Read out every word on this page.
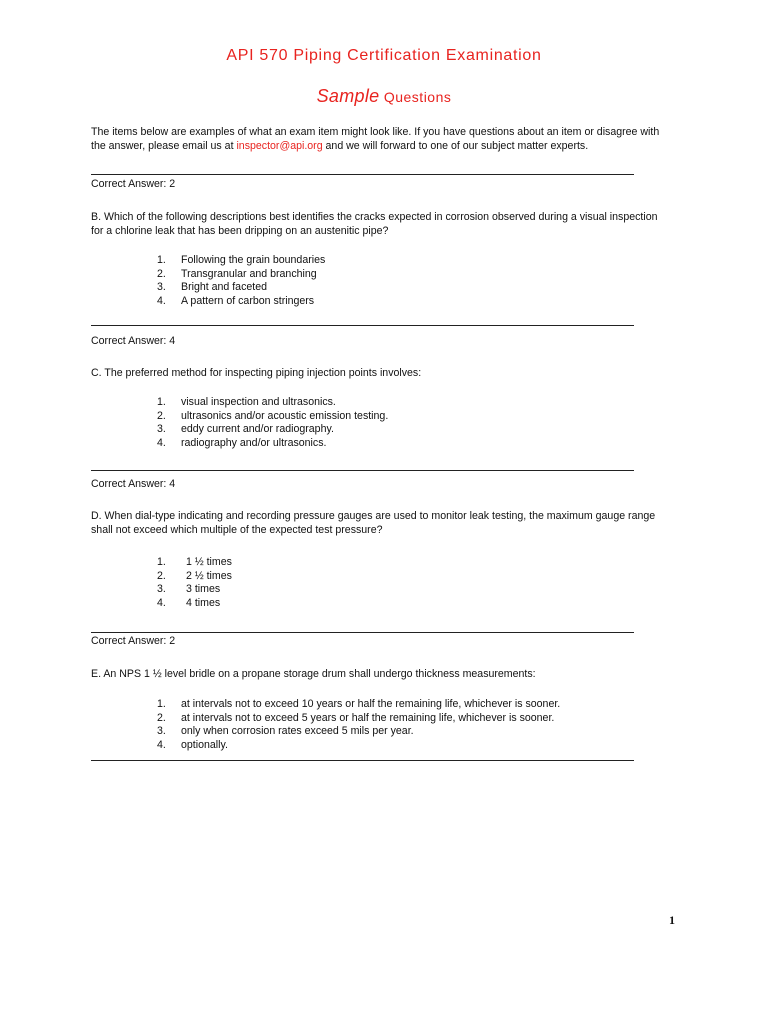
API 570 Piping Certification Examination
Sample Questions
The items below are examples of what an exam item might look like. If you have questions about an item or disagree with the answer, please email us at inspector@api.org and we will forward to one of our subject matter experts.
Correct Answer: 2
B. Which of the following descriptions best identifies the cracks expected in corrosion observed during a visual inspection for a chlorine leak that has been dripping on an austenitic pipe?
1.	Following the grain boundaries
2.	Transgranular and branching
3.	Bright and faceted
4.	A pattern of carbon stringers
Correct Answer: 4
C. The preferred method for inspecting piping injection points involves:
1.	visual inspection and ultrasonics.
2.	ultrasonics and/or acoustic emission testing.
3.	eddy current and/or radiography.
4.	radiography and/or ultrasonics.
Correct Answer: 4
D. When dial-type indicating and recording pressure gauges are used to monitor leak testing, the maximum gauge range shall not exceed which multiple of the expected test pressure?
1.	1 ½ times
2.	2 ½ times
3.	3 times
4.	4 times
Correct Answer: 2
E. An NPS 1 ½ level bridle on a propane storage drum shall undergo thickness measurements:
1.	at intervals not to exceed 10 years or half the remaining life, whichever is sooner.
2.	at intervals not to exceed 5 years or half the remaining life, whichever is sooner.
3.	only when corrosion rates exceed 5 mils per year.
4.	optionally.
1
